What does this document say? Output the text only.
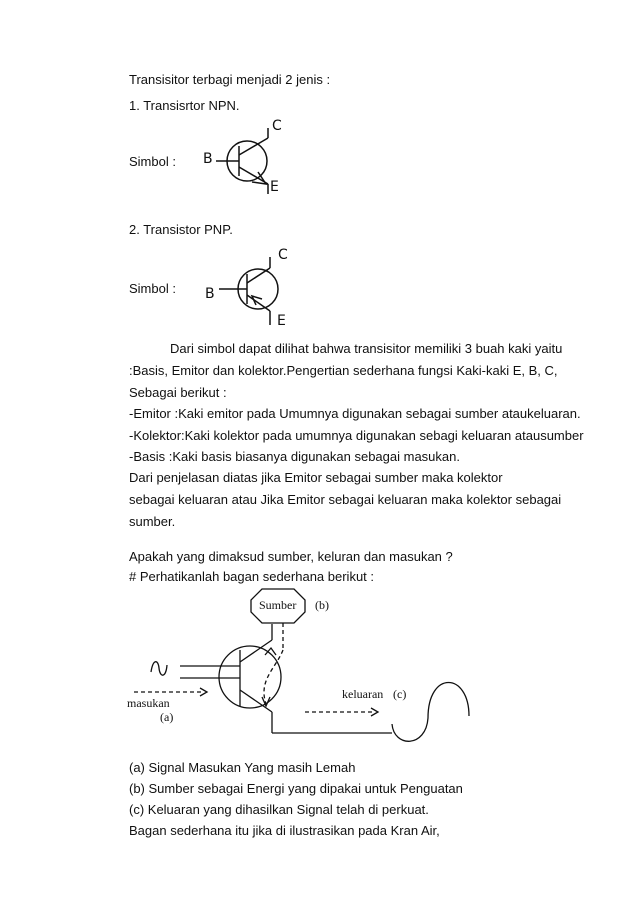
Transisitor terbagi menjadi 2 jenis :
1. Transisrtor NPN.
Simbol :
C
B
E
2. Transistor PNP.
Simbol :
C
B
E
Dari simbol dapat dilihat bahwa transisitor memiliki 3 buah kaki yaitu
:Basis, Emitor dan kolektor.Pengertian sederhana fungsi Kaki-kaki E, B, C,
Sebagai berikut :
-Emitor :Kaki emitor pada Umumnya digunakan sebagai sumber ataukeluaran.
-Kolektor:Kaki kolektor pada umumnya digunakan sebagi keluaran atausumber
-Basis :Kaki basis biasanya digunakan sebagai masukan.
Dari penjelasan diatas jika Emitor sebagai sumber maka kolektor
sebagai keluaran atau Jika Emitor sebagai keluaran maka kolektor sebagai
sumber.
Apakah yang dimaksud sumber, keluran dan masukan ?
# Perhatikanlah bagan sederhana berikut :
Sumber (b)
keluaran (c)
masukan
(a)
(a) Signal Masukan Yang masih Lemah
(b) Sumber sebagai Energi yang dipakai untuk Penguatan
(c) Keluaran yang dihasilkan Signal telah di perkuat.
Bagan sederhana itu jika di ilustrasikan pada Kran Air,
